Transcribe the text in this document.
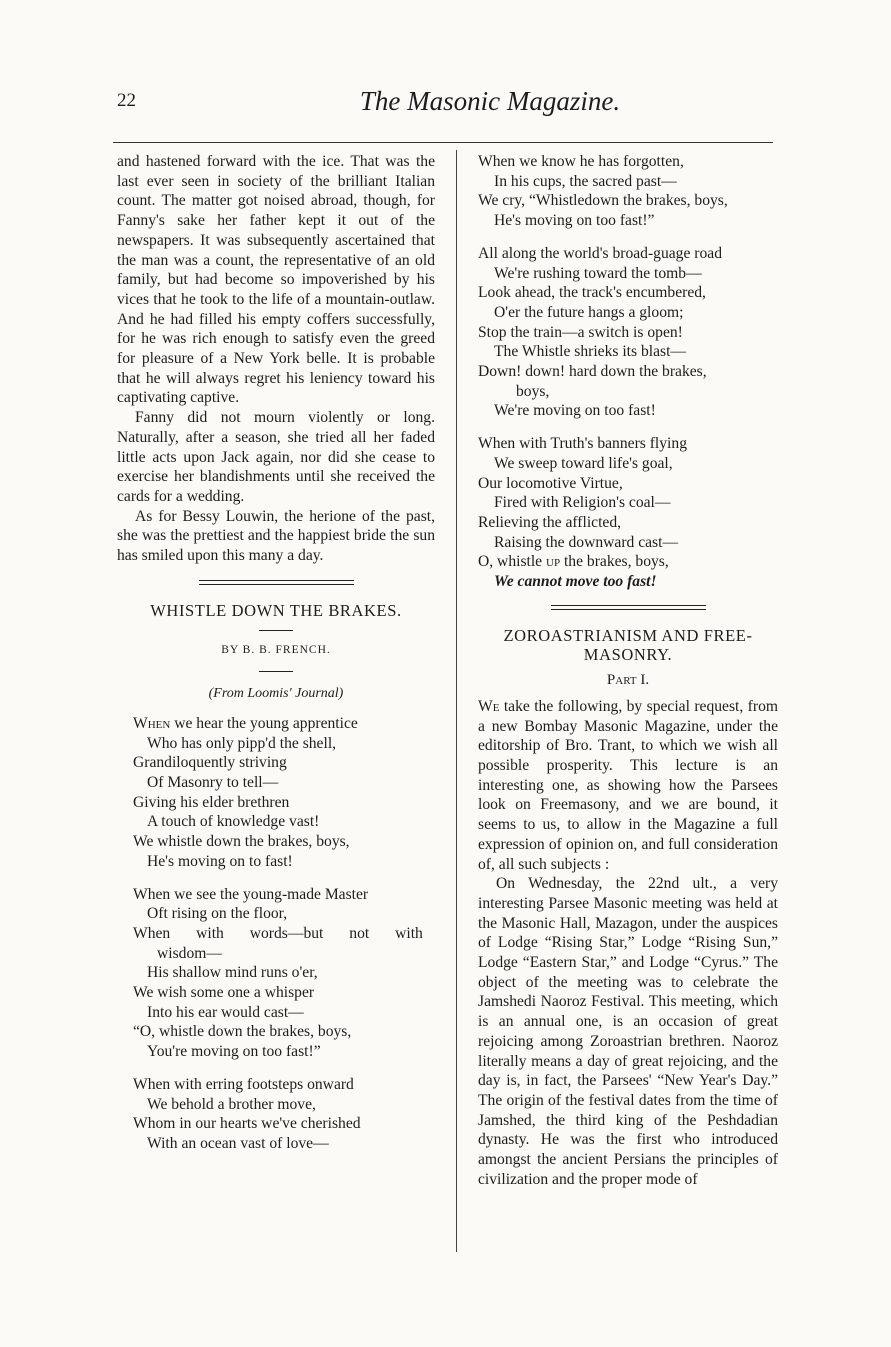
22	The Masonic Magazine.

and hastened forward with the ice. That was the last ever seen in society of the brilliant Italian count. The matter got noised abroad, though, for Fanny's sake her father kept it out of the newspapers. It was subsequently ascertained that the man was a count, the representative of an old family, but had become so impoverished by his vices that he took to the life of a mountain-outlaw. And he had filled his empty coffers successfully, for he was rich enough to satisfy even the greed for pleasure of a New York belle. It is probable that he will always regret his leniency toward his captivating captive.

Fanny did not mourn violently or long. Naturally, after a season, she tried all her faded little acts upon Jack again, nor did she cease to exercise her blandishments until she received the cards for a wedding.

As for Bessy Louwin, the herione of the past, she was the prettiest and the happiest bride the sun has smiled upon this many a day.

WHISTLE DOWN THE BRAKES.
BY B. B. FRENCH.
(From Loomis' Journal)
When we hear the young apprentice
Who has only pipp'd the shell,
Grandiloquently striving
Of Masonry to tell—
Giving his elder brethren
A touch of knowledge vast!
We whistle down the brakes, boys,
He's moving on to fast!
When we see the young-made Master
Oft rising on the floor,
When with words—but not with
wisdom—
His shallow mind runs o'er,
We wish some one a whisper
Into his ear would cast—
“O, whistle down the brakes, boys,
You're moving on too fast!”
When with erring footsteps onward
We behold a brother move,
Whom in our hearts we've cherished
With an ocean vast of love—
When we know he has forgotten,
In his cups, the sacred past—
We cry, “Whistledown the brakes, boys,
He's moving on too fast!”
All along the world's broad-guage road
We're rushing toward the tomb—
Look ahead, the track's encumbered,
O'er the future hangs a gloom;
Stop the train—a switch is open!
The Whistle shrieks its blast—
Down! down! hard down the brakes,
boys,
We're moving on too fast!
When with Truth's banners flying
We sweep toward life's goal,
Our locomotive Virtue,
Fired with Religion's coal—
Relieving the afflicted,
Raising the downward cast—
O, whistle up the brakes, boys,
We cannot move too fast!
ZOROASTRIANISM AND FREE-
MASONRY.
Part I.

We take the following, by special request, from a new Bombay Masonic Magazine, under the editorship of Bro. Trant, to which we wish all possible prosperity. This lecture is an interesting one, as showing how the Parsees look on Freemasony, and we are bound, it seems to us, to allow in the Magazine a full expression of opinion on, and full consideration of, all such subjects :

On Wednesday, the 22nd ult., a very interesting Parsee Masonic meeting was held at the Masonic Hall, Mazagon, under the auspices of Lodge “Rising Star,” Lodge “Rising Sun,” Lodge “Eastern Star,” and Lodge “Cyrus.” The object of the meeting was to celebrate the Jamshedi Naoroz Festival. This meeting, which is an annual one, is an occasion of great rejoicing among Zoroastrian brethren. Naoroz literally means a day of great rejoicing, and the day is, in fact, the Parsees' “New Year's Day.” The origin of the festival dates from the time of Jamshed, the third king of the Peshdadian dynasty. He was the first who introduced amongst the ancient Persians the principles of civilization and the proper mode of
